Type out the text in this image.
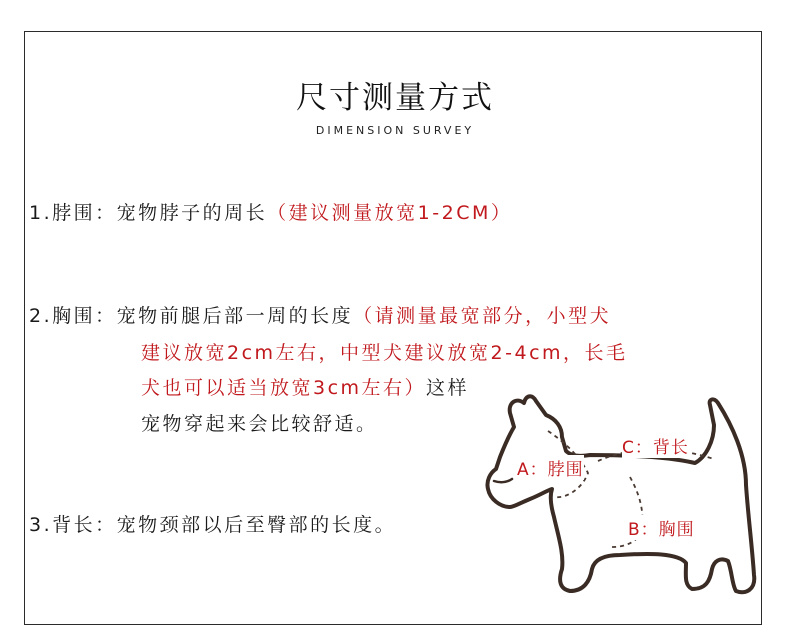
尺寸测量方式
DIMENSION SURVEY
1.脖围：宠物脖子的周长（建议测量放宽1-2CM）
2.胸围：宠物前腿后部一周的长度（请测量最宽部分，小型犬
建议放宽2cm左右，中型犬建议放宽2-4cm，长毛
犬也可以适当放宽3cm左右）这样
宠物穿起来会比较舒适。
3.背长：宠物颈部以后至臀部的长度。
A：脖围
C：背长
B：胸围
